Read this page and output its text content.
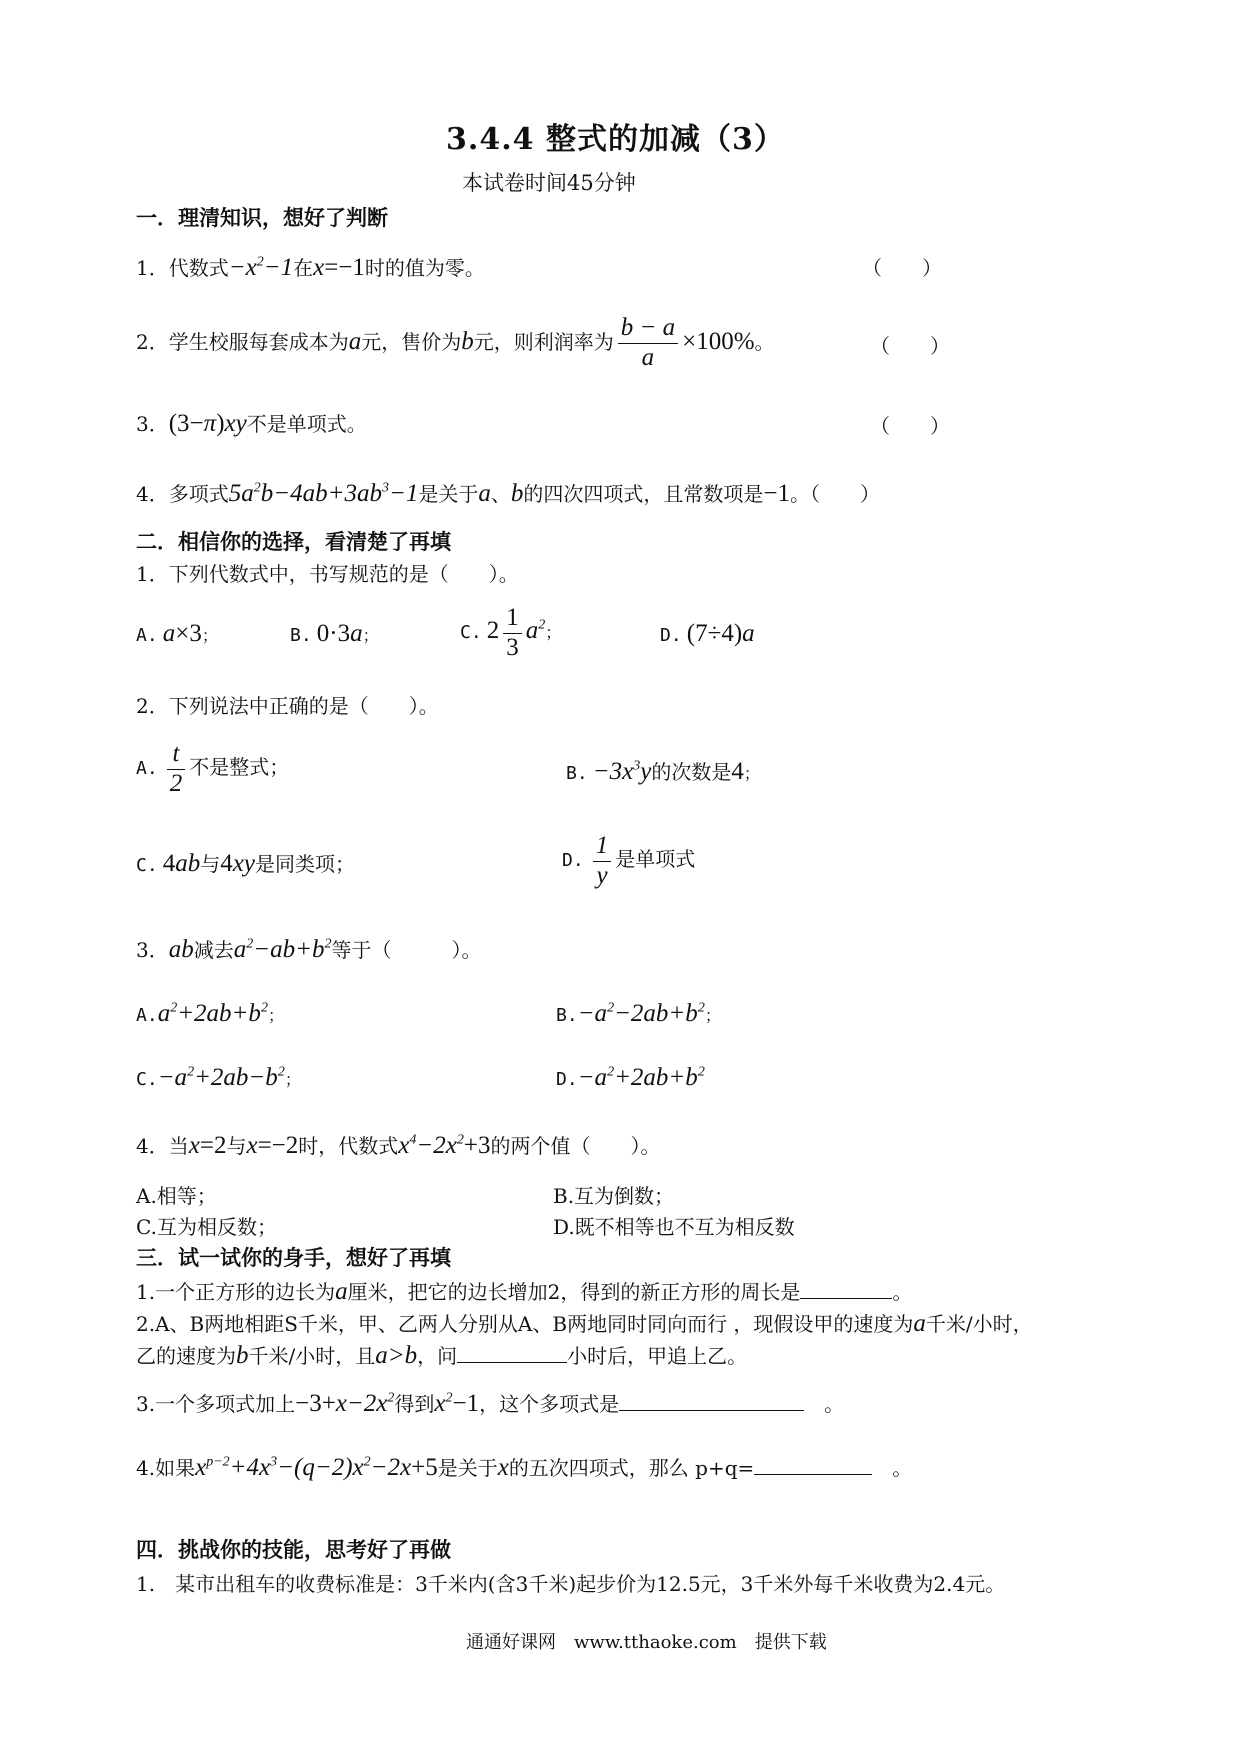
3.4.4 整式的加减（3）
本试卷时间45分钟
一．理清知识，想好了判断
1．代数式$-x^2-1$在x=−1时的值为零。	（　　）
2．学生校服每套成本为a元，售价为b元，则利润率为 $\frac{b - a}{a} \times 100\%$。	（　　）
3．(3−π)xy不是单项式。	（　　）
4．多项式$5a^2b-4ab+3ab^3-1$是关于a、b的四次四项式，且常数项是−1。（　　）
二．相信你的选择，看清楚了再填
1．下列代数式中，书写规范的是（　　）。
A. a×3；	B. 0·3a；	C. $2 \frac{1}{3} a^2$；	D. (7÷4)a
2．下列说法中正确的是（　　）。
A. $\frac{t}{2}$ 不是整式；	B. $-3x^3y$的次数是4；
C. 4ab与4xy是同类项；	D. $\frac{1}{y}$ 是单项式
3．ab减去$a^2-ab+b^2$等于（　　　）。
$A.a^2+2ab+b^2$；	$B.-a^2-2ab+b^2$；
$C.-a^2+2ab-b^2$；	$D.-a^2+2ab+b^2$
4．当x=2与x=−2时，代数式$x^4-2x^2+3$的两个值（　　）。
A.相等；	B.互为倒数；
C.互为相反数；	D.既不相等也不互为相反数
三．试一试你的身手，想好了再填
1.一个正方形的边长为a厘米，把它的边长增加2，得到的新正方形的周长是	。
2.A、B两地相距S千米，甲、乙两人分别从A、B两地同时同向而行 ，现假设甲的速度为a千米/小时，
乙的速度为b千米/小时，且a>b，问	小时后，甲追上乙。
3.一个多项式加上$-3+x-2x^2$得到$x^2-1$，这个多项式是　	。
4.如果$x^{p-2}+4x^3-(q-2)x^2-2x+5$是关于x的五次四项式，那么 p+q=　	。
四．挑战你的技能，思考好了再做
1.　某市出租车的收费标准是：3千米内(含3千米)起步价为12.5元，3千米外每千米收费为2.4元。
通通好课网　www.tthaoke.com　提供下载
